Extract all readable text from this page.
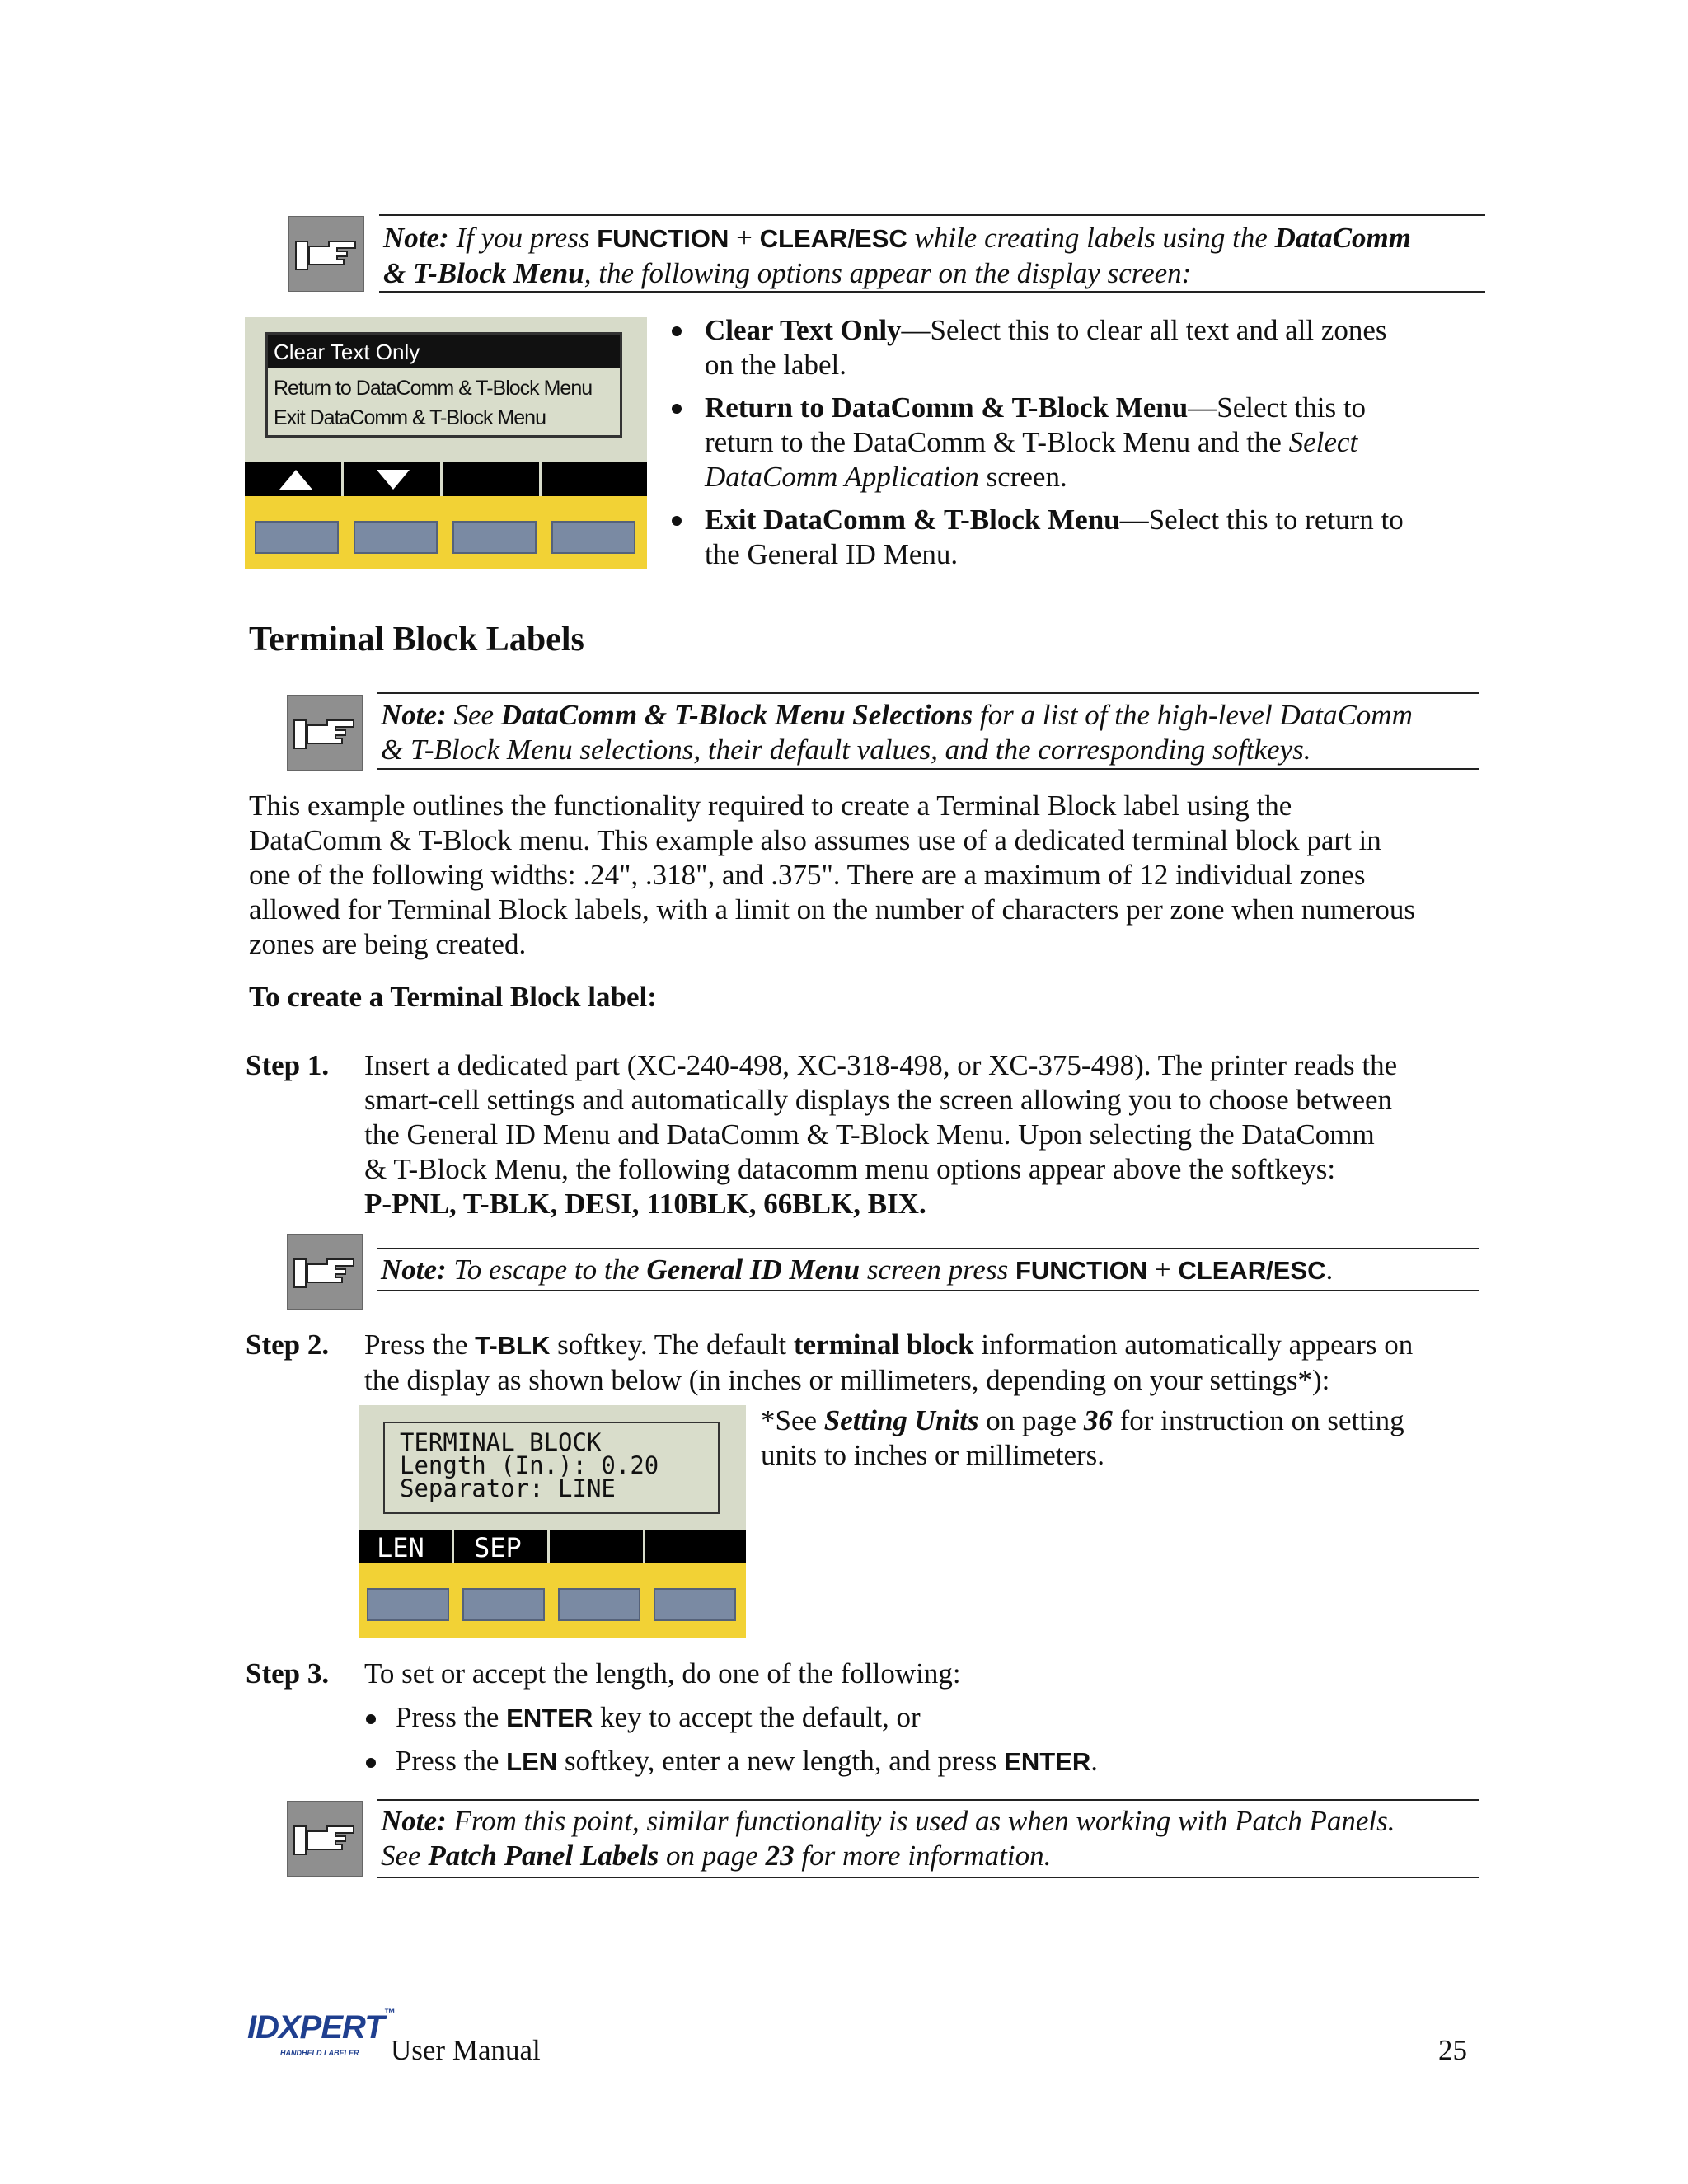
Note: If you press FUNCTION + CLEAR/ESC while creating labels using the DataComm
& T-Block Menu, the following options appear on the display screen:
Clear Text Only
Return to DataComm & T-Block Menu
Exit DataComm & T-Block Menu
Clear Text Only—Select this to clear all text and all zones
on the label.
Return to DataComm & T-Block Menu—Select this to
return to the DataComm & T-Block Menu and the Select
DataComm Application screen.
Exit DataComm & T-Block Menu—Select this to return to
the General ID Menu.
Terminal Block Labels
Note: See DataComm & T-Block Menu Selections for a list of the high-level DataComm
& T-Block Menu selections, their default values, and the corresponding softkeys.
This example outlines the functionality required to create a Terminal Block label using the
DataComm & T-Block menu. This example also assumes use of a dedicated terminal block part in
one of the following widths: .24", .318", and .375". There are a maximum of 12 individual zones
allowed for Terminal Block labels, with a limit on the number of characters per zone when numerous
zones are being created.
To create a Terminal Block label:
Step 1. Insert a dedicated part (XC-240-498, XC-318-498, or XC-375-498). The printer reads the
smart-cell settings and automatically displays the screen allowing you to choose between
the General ID Menu and DataComm & T-Block Menu. Upon selecting the DataComm
& T-Block Menu, the following datacomm menu options appear above the softkeys:
P-PNL, T-BLK, DESI, 110BLK, 66BLK, BIX.
Note: To escape to the General ID Menu screen press FUNCTION + CLEAR/ESC.
Step 2. Press the T-BLK softkey. The default terminal block information automatically appears on
the display as shown below (in inches or millimeters, depending on your settings*):
TERMINAL BLOCK
Length (In.): 0.20
Separator: LINE
LEN SEP
*See Setting Units on page 36 for instruction on setting
units to inches or millimeters.
Step 3. To set or accept the length, do one of the following:
Press the ENTER key to accept the default, or
Press the LEN softkey, enter a new length, and press ENTER.
Note: From this point, similar functionality is used as when working with Patch Panels.
See Patch Panel Labels on page 23 for more information.
IDXPERT ™
HANDHELD LABELER User Manual	25
